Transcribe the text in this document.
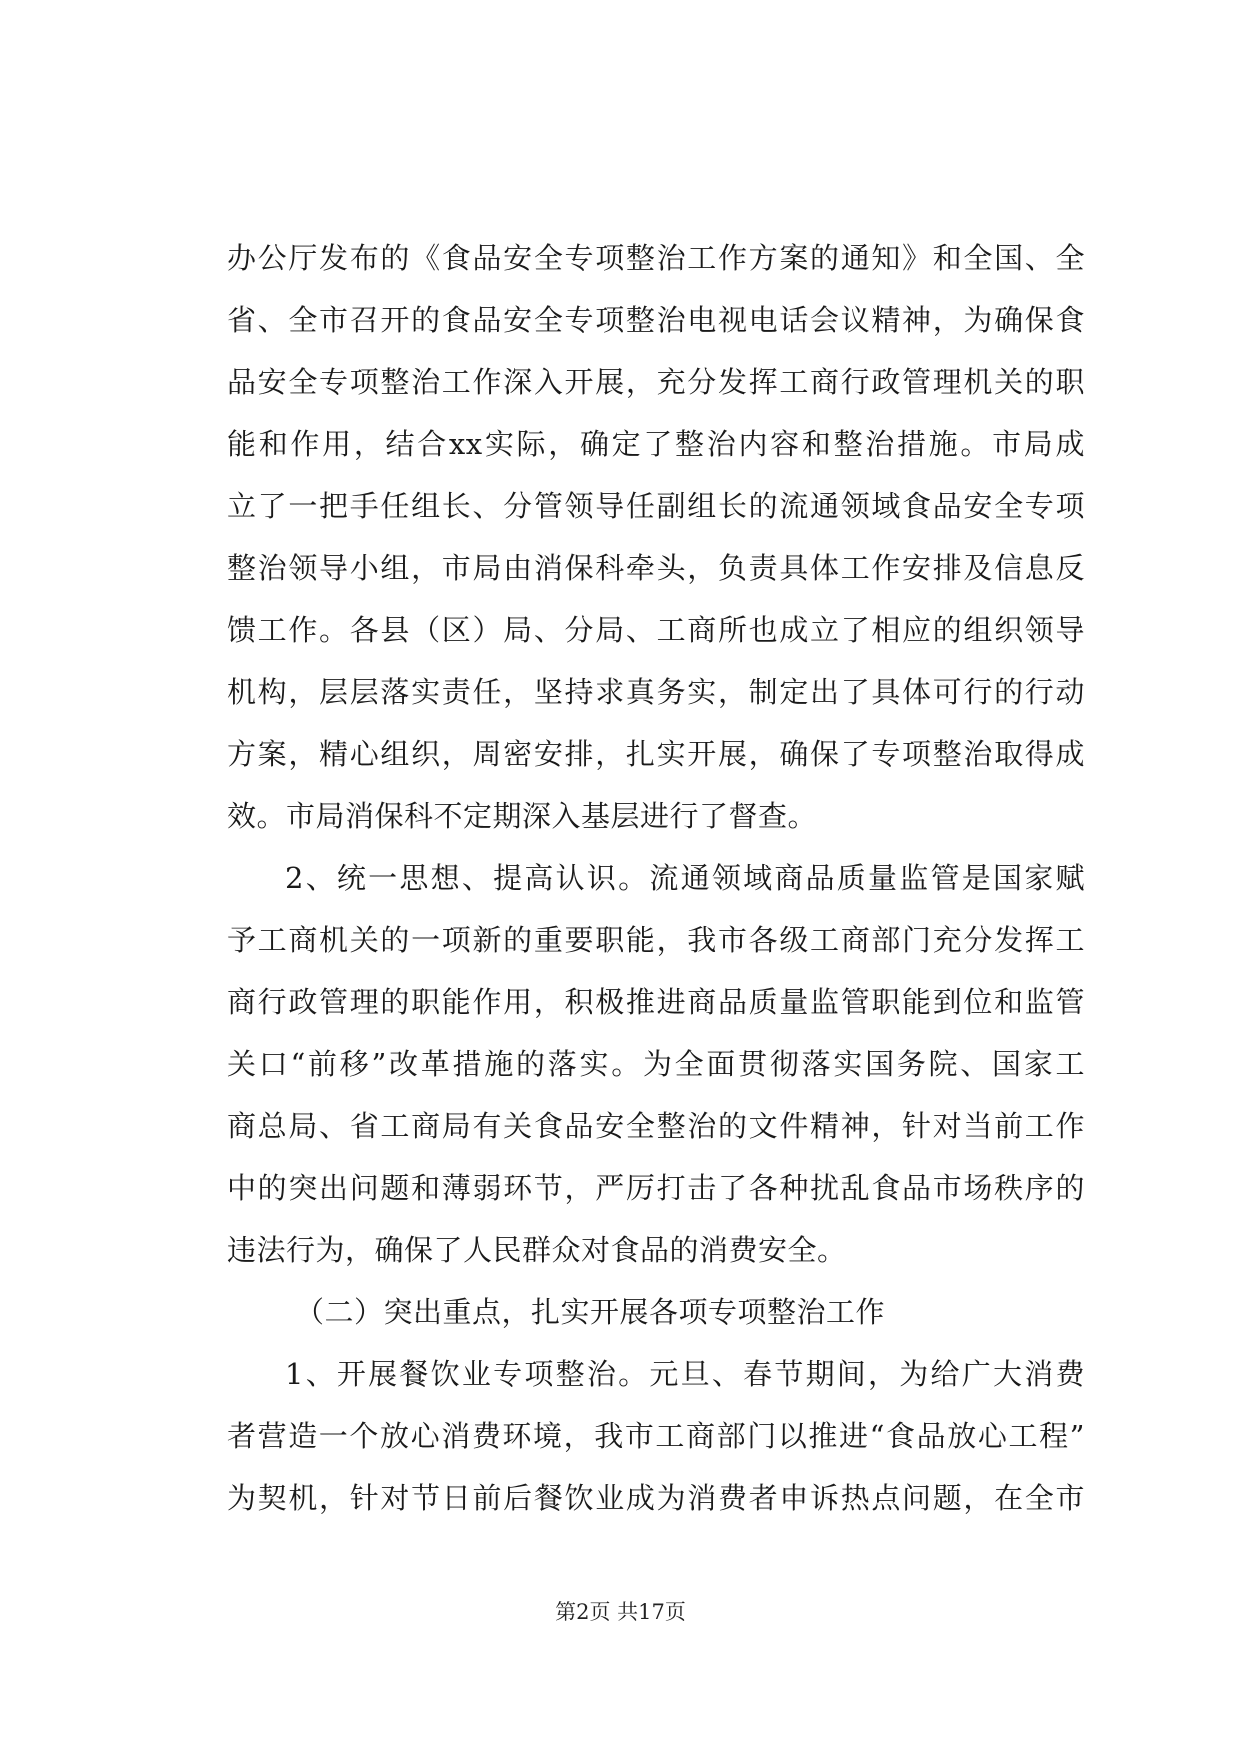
办公厅发布的《食品安全专项整治工作方案的通知》和全国、全
省、全市召开的食品安全专项整治电视电话会议精神，为确保食
品安全专项整治工作深入开展，充分发挥工商行政管理机关的职
能和作用，结合xx实际，确定了整治内容和整治措施。市局成
立了一把手任组长、分管领导任副组长的流通领域食品安全专项
整治领导小组，市局由消保科牵头，负责具体工作安排及信息反
馈工作。各县（区）局、分局、工商所也成立了相应的组织领导
机构，层层落实责任，坚持求真务实，制定出了具体可行的行动
方案，精心组织，周密安排，扎实开展，确保了专项整治取得成
效。市局消保科不定期深入基层进行了督查。
2、统一思想、提高认识。流通领域商品质量监管是国家赋
予工商机关的一项新的重要职能，我市各级工商部门充分发挥工
商行政管理的职能作用，积极推进商品质量监管职能到位和监管
关口“前移”改革措施的落实。为全面贯彻落实国务院、国家工
商总局、省工商局有关食品安全整治的文件精神，针对当前工作
中的突出问题和薄弱环节，严厉打击了各种扰乱食品市场秩序的
违法行为，确保了人民群众对食品的消费安全。
（二）突出重点，扎实开展各项专项整治工作
1、开展餐饮业专项整治。元旦、春节期间，为给广大消费
者营造一个放心消费环境，我市工商部门以推进“食品放心工程”
为契机，针对节日前后餐饮业成为消费者申诉热点问题，在全市
第2页 共17页
